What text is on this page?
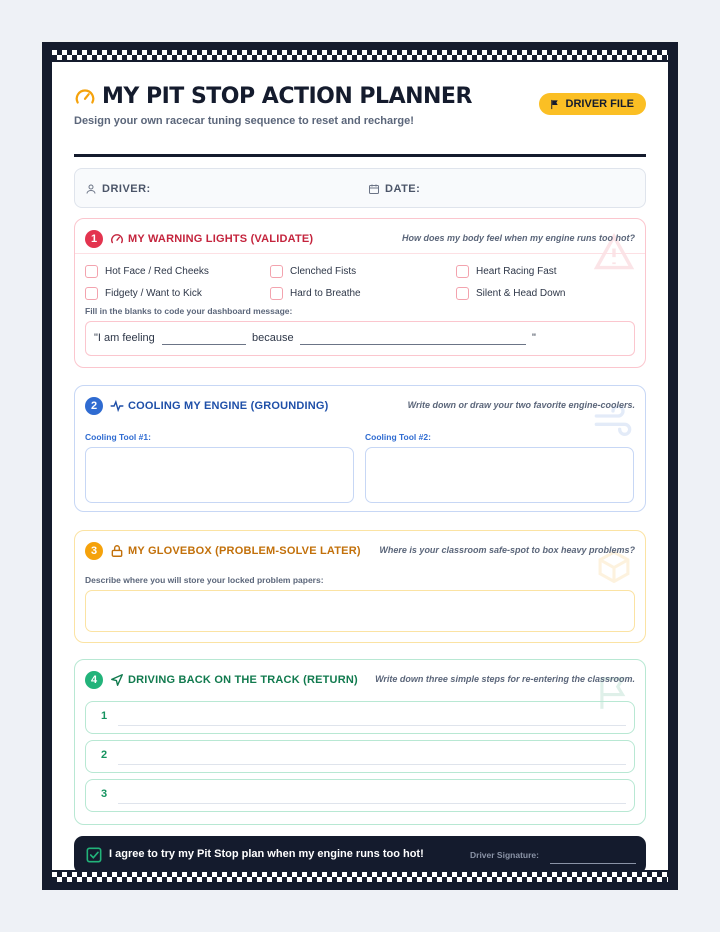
MY PIT STOP ACTION PLANNER
Design your own racecar tuning sequence to reset and recharge!
DRIVER FILE
DRIVER:	DATE:
1	MY WARNING LIGHTS (VALIDATE)	How does my body feel when my engine runs too hot?
Hot Face / Red Cheeks	Clenched Fists	Heart Racing Fast
Fidgety / Want to Kick	Hard to Breathe	Silent & Head Down
Fill in the blanks to code your dashboard message:
"I am feeling	because	"
2	COOLING MY ENGINE (GROUNDING)	Write down or draw your two favorite engine-coolers.
Cooling Tool #1:	Cooling Tool #2:
3	MY GLOVEBOX (PROBLEM-SOLVE LATER) Where is your classroom safe-spot to box heavy problems?
Describe where you will store your locked problem papers:
4	DRIVING BACK ON THE TRACK (RETURN) Write down three simple steps for re-entering the classroom.
1
2
3
I agree to try my Pit Stop plan when my engine runs too hot!	Driver Signature:
